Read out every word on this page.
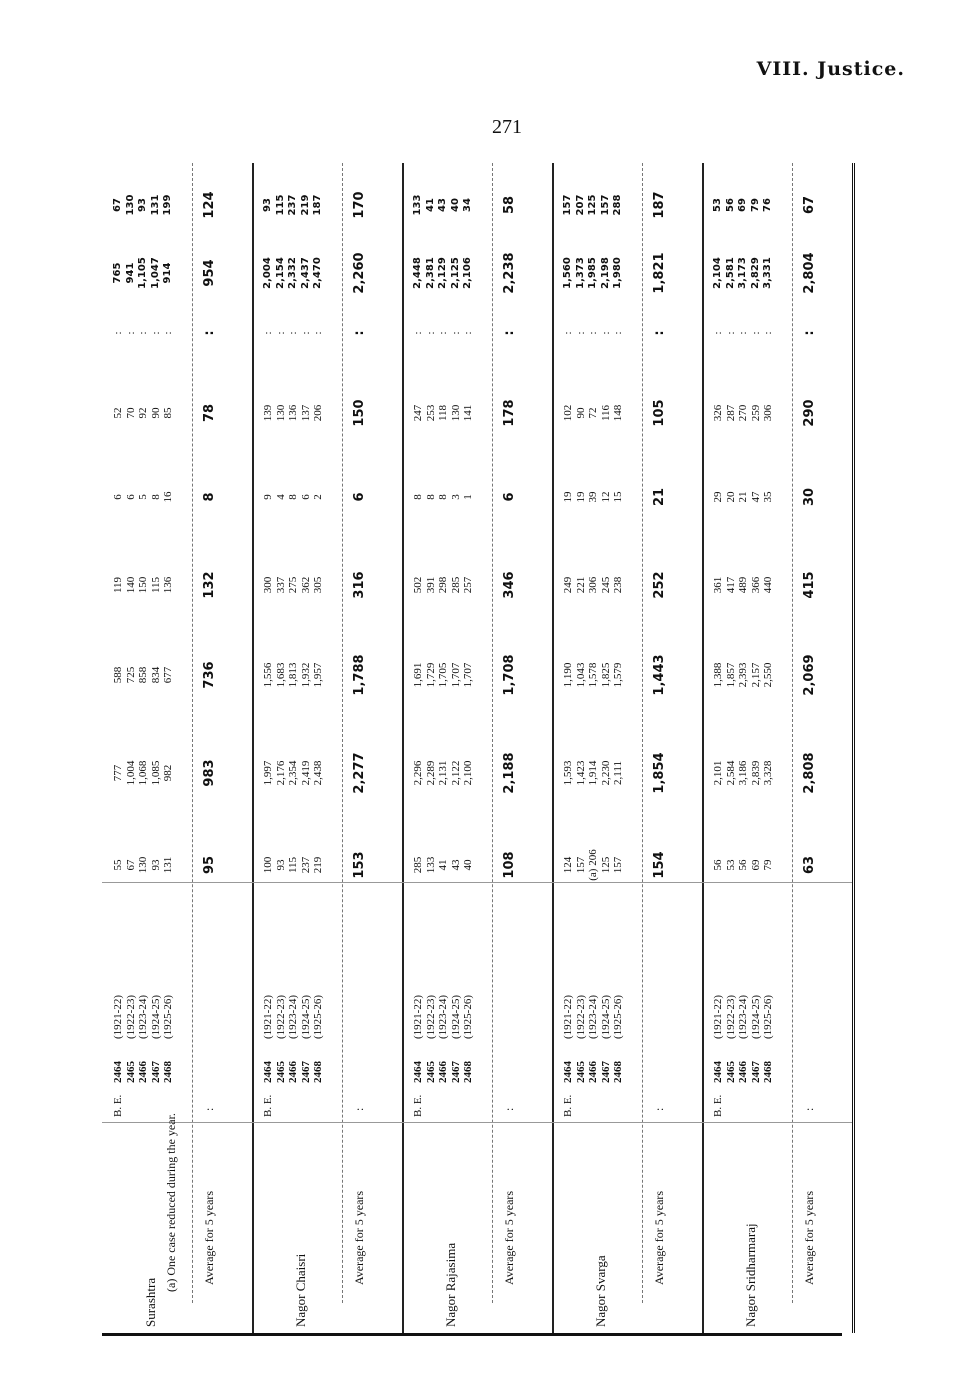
VIII. Justice.
271
Surashtra
B. E.2464(1921-22)
2465(1922-23)
2466(1923-24)
2467(1924-25)
2468(1925-26)
Average for 5 years:
55 67 130 93 131 95
777 1,004 1,068 1,085 982 983
588 725 858 834 677 736
119 140 150 115 136 132
6 6 5 8 16 8
52 70 92 90 85 78
: : : : : :
765 941 1,105 1,047 914 954
67 130 93 131 199 124
Nagor Chaisri
B. E.2464(1921-22)
2465(1922-23)
2466(1923-24)
2467(1924-25)
2468(1925-26)
Average for 5 years:
100 93 115 237 219 153
1,997 2,176 2,354 2,419 2,438 2,277
1,556 1,683 1,813 1,932 1,957 1,788
300 337 275 362 305 316
9 4 8 6 2 6
139 130 136 137 206 150
: : : : : :
2,004 2,154 2,332 2,437 2,470 2,260
93 115 237 219 187 170
Nagor Rajasima
B. E.2464(1921-22)
2465(1922-23)
2466(1923-24)
2467(1924-25)
2468(1925-26)
Average for 5 years:
285 133 41 43 40 108
2,296 2,289 2,131 2,122 2,100 2,188
1,691 1,729 1,705 1,707 1,707 1,708
502 391 298 285 257 346
8 8 8 3 1 6
247 253 118 130 141 178
: : : : : :
2,448 2,381 2,129 2,125 2,106 2,238
133 41 43 40 34 58
Nagor Svarga
B. E.2464(1921-22)
2465(1922-23)
2466(1923-24)
2467(1924-25)
2468(1925-26)
Average for 5 years:
124 157 (a) 206 125 157 154
1,593 1,423 1,914 2,230 2,111 1,854
1,190 1,043 1,578 1,825 1,579 1,443
249 221 306 245 238 252
19 19 39 12 15 21
102 90 72 116 148 105
: : : : : :
1,560 1,373 1,985 2,198 1,980 1,821
157 207 125 157 288 187
Nagor Sridharmaraj
B. E.2464(1921-22)
2465(1922-23)
2466(1923-24)
2467(1924-25)
2468(1925-26)
Average for 5 years:
56 53 56 69 79 63
2,101 2,584 3,186 2,839 3,328 2,808
1,388 1,857 2,393 2,157 2,550 2,069
361 417 489 366 440 415
29 20 21 47 35 30
326 287 270 259 306 290
: : : : : :
2,104 2,581 3,173 2,829 3,331 2,804
53 56 69 79 76 67
(a) One case reduced during the year.
